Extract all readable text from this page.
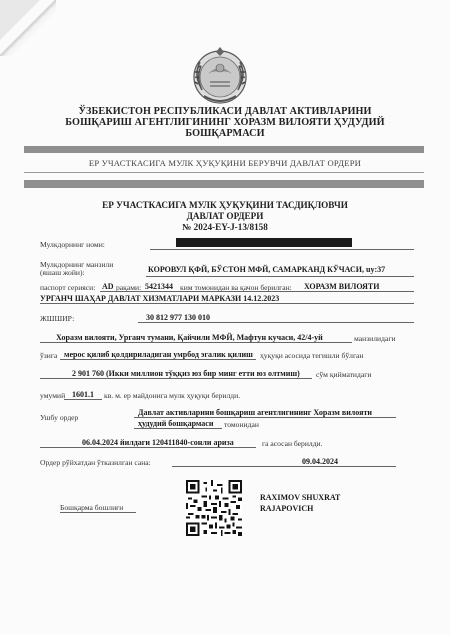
ЎЗБЕКИСТОН РЕСПУБЛИКАСИ ДАВЛАТ АКТИВЛАРИНИ
БОШҚАРИШ АГЕНТЛИГИНИНГ ХОРАЗМ ВИЛОЯТИ ҲУДУДИЙ
БОШҚАРМАСИ
ЕР УЧАСТКАСИГА МУЛК ҲУҚУҚИНИ БЕРУВЧИ ДАВЛАТ ОРДЕРИ
ЕР УЧАСТКАСИГА МУЛК ҲУҚУҚИНИ ТАСДИҚЛОВЧИ
ДАВЛАТ ОРДЕРИ
№ 2024-EY-J-13/8158
Мулкдорнинг номи:
Мулкдорнинг манзили
(яшаш жойи):	КОРОВУЛ ҚФЙ, БЎСТОН МФЙ, САМАРКАНД КЎЧАСИ, uy:37
паспорт серияси: AD рақами: 5421344 ким томонидан ва қачон берилган: ХОРАЗМ ВИЛОЯТИ
УРГАНЧ ШАҲАР ДАВЛАТ ХИЗМАТЛАРИ МАРКАЗИ 14.12.2023
ЖШШИР:	30 812 977 130 010
Хоразм вилояти, Урганч тумани, Қайчили МФЙ, Мафтун кучаси, 42/4-уй	манзилидаги
ўзига мерос қилиб қолдириладиган умрбод эгалик қилиш ҳуқуқи асосида тегишли бўлган
2 901 760 (Икки миллион тўққиз юз бир минг етти юз олтмиш) сўм қийматидаги
умумий 1601.1 кв. м. ер майдонига мулк ҳуқуқи берилди.
Ушбу ордер
Давлат активларини бошқариш агентлигининг Хоразм вилояти
ҳудудий бошқармаси томонидан
06.04.2024 йилдаги 120411840-сонли ариза	га асосан берилди.
Ордер рўйхатдан ўтказилган сана:	09.04.2024
Бошқарма бошлиғи
RAXIMOV SHUXRAT
RAJAPOVICH
